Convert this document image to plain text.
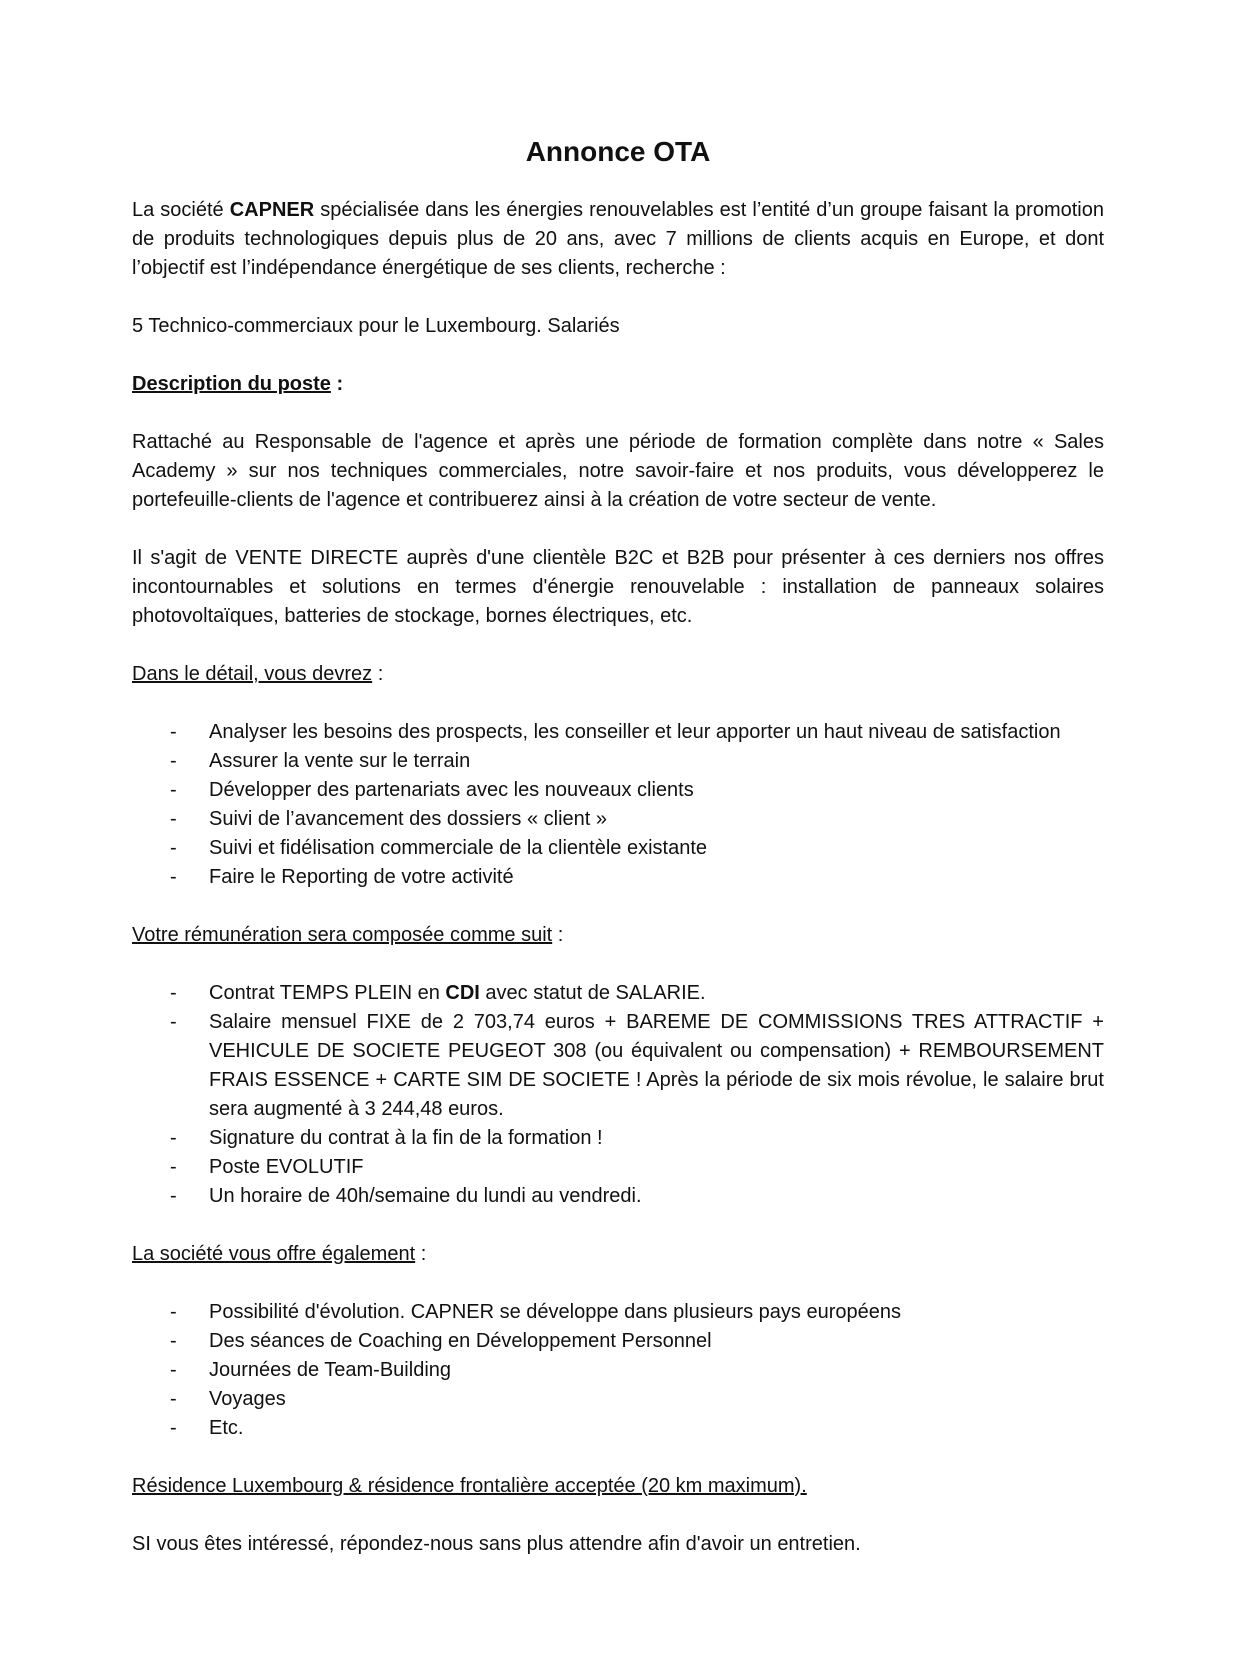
Annonce OTA

La société CAPNER spécialisée dans les énergies renouvelables est l’entité d’un groupe faisant la promotion de produits technologiques depuis plus de 20 ans, avec 7 millions de clients acquis en Europe, et dont l’objectif est l’indépendance énergétique de ses clients, recherche :

5 Technico-commerciaux pour le Luxembourg. Salariés

Description du poste :

Rattaché au Responsable de l'agence et après une période de formation complète dans notre « Sales Academy » sur nos techniques commerciales, notre savoir-faire et nos produits, vous développerez le portefeuille-clients de l'agence et contribuerez ainsi à la création de votre secteur de vente.

Il s'agit de VENTE DIRECTE auprès d'une clientèle B2C et B2B pour présenter à ces derniers nos offres incontournables et solutions en termes d'énergie renouvelable : installation de panneaux solaires photovoltaïques, batteries de stockage, bornes électriques, etc.

Dans le détail, vous devrez :

- Analyser les besoins des prospects, les conseiller et leur apporter un haut niveau de satisfaction
- Assurer la vente sur le terrain
- Développer des partenariats avec les nouveaux clients
- Suivi de l’avancement des dossiers « client »
- Suivi et fidélisation commerciale de la clientèle existante
- Faire le Reporting de votre activité

Votre rémunération sera composée comme suit :

- Contrat TEMPS PLEIN en CDI avec statut de SALARIE.
- Salaire mensuel FIXE de 2 703,74 euros + BAREME DE COMMISSIONS TRES ATTRACTIF + VEHICULE DE SOCIETE PEUGEOT 308 (ou équivalent ou compensation) + REMBOURSEMENT FRAIS ESSENCE + CARTE SIM DE SOCIETE ! Après la période de six mois révolue, le salaire brut sera augmenté à 3 244,48 euros.
- Signature du contrat à la fin de la formation !
- Poste EVOLUTIF
- Un horaire de 40h/semaine du lundi au vendredi.

La société vous offre également :

- Possibilité d'évolution. CAPNER se développe dans plusieurs pays européens
- Des séances de Coaching en Développement Personnel
- Journées de Team-Building
- Voyages
- Etc.

Résidence Luxembourg & résidence frontalière acceptée (20 km maximum).

SI vous êtes intéressé, répondez-nous sans plus attendre afin d'avoir un entretien.
